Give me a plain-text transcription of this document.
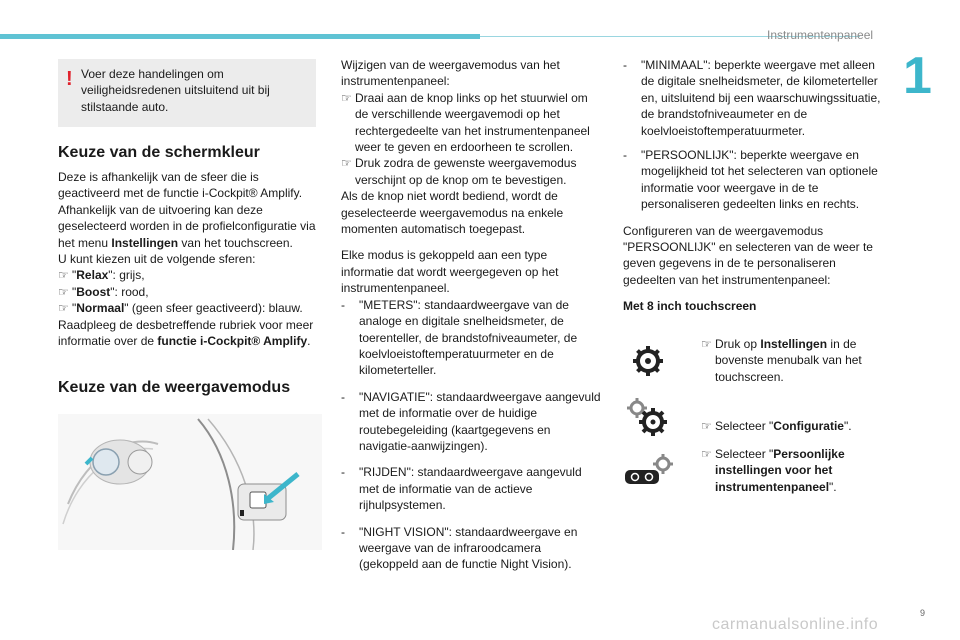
Instrumentenpaneel
1
! Voer deze handelingen om veiligheidsredenen uitsluitend uit bij stilstaande auto.

Keuze van de schermkleur

Deze is afhankelijk van de sfeer die is geactiveerd met de functie i-Cockpit® Amplify. Afhankelijk van de uitvoering kan deze geselecteerd worden in de profielconfiguratie via het menu Instellingen van het touchscreen.

U kunt kiezen uit de volgende sferen:

☞ "Relax": grijs,
☞ "Boost": rood,
☞ "Normaal" (geen sfeer geactiveerd): blauw.

Raadpleeg de desbetreffende rubriek voor meer informatie over de functie i-Cockpit® Amplify.

Keuze van de weergavemodus

Wijzigen van de weergavemodus van het instrumentenpaneel:

☞ Draai aan de knop links op het stuurwiel om de verschillende weergavemodi op het rechtergedeelte van het instrumentenpaneel weer te geven en erdoorheen te scrollen.
☞ Druk zodra de gewenste weergavemodus verschijnt op de knop om te bevestigen.

Als de knop niet wordt bediend, wordt de geselecteerde weergavemodus na enkele momenten automatisch toegepast.

Elke modus is gekoppeld aan een type informatie dat wordt weergegeven op het instrumentenpaneel.

-	"METERS": standaardweergave van de analoge en digitale snelheidsmeter, de toerenteller, de brandstofniveaumeter, de koelvloeistoftemperatuurmeter en de kilometerteller.
-	"NAVIGATIE": standaardweergave aangevuld met de informatie over de huidige routebegeleiding (kaartgegevens en navigatie-aanwijzingen).
-	"RIJDEN": standaardweergave aangevuld met de informatie van de actieve rijhulpsystemen.
-	"NIGHT VISION": standaardweergave en weergave van de infraroodcamera (gekoppeld aan de functie Night Vision).
-	"MINIMAAL": beperkte weergave met alleen de digitale snelheidsmeter, de kilometerteller en, uitsluitend bij een waarschuwingssituatie, de brandstofniveaumeter en de koelvloeistoftemperatuurmeter.
-	"PERSOONLIJK": beperkte weergave en mogelijkheid tot het selecteren van optionele informatie voor weergave in de te personaliseren gedeelten links en rechts.

Configureren van de weergavemodus "PERSOONLIJK" en selecteren van de weer te geven gegevens in de te personaliseren gedeelten van het instrumentenpaneel:

Met 8 inch touchscreen

☞ Druk op Instellingen in de bovenste menubalk van het touchscreen.
☞ Selecteer "Configuratie".
☞ Selecteer "Persoonlijke instellingen voor het instrumentenpaneel".
carmanualsonline.info
9
